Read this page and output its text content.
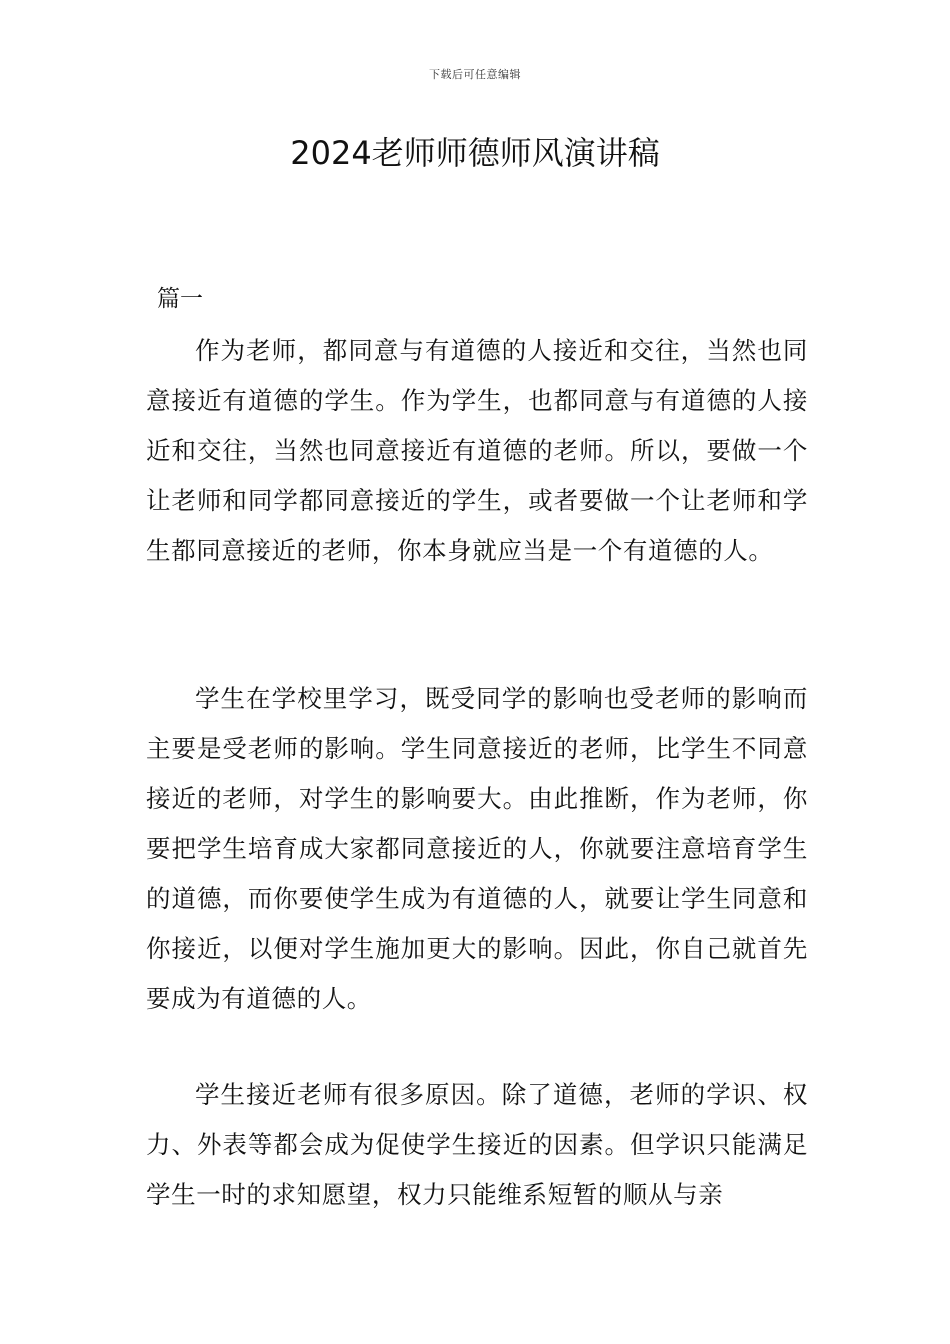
下载后可任意编辑
2024老师师德师风演讲稿

篇一

作为老师，都同意与有道德的人接近和交往，当然也同意接近有道德的学生。作为学生，也都同意与有道德的人接近和交往，当然也同意接近有道德的老师。所以，要做一个让老师和同学都同意接近的学生，或者要做一个让老师和学生都同意接近的老师，你本身就应当是一个有道德的人。

学生在学校里学习，既受同学的影响也受老师的影响而主要是受老师的影响。学生同意接近的老师，比学生不同意接近的老师，对学生的影响要大。由此推断，作为老师，你要把学生培育成大家都同意接近的人，你就要注意培育学生的道德，而你要使学生成为有道德的人，就要让学生同意和你接近，以便对学生施加更大的影响。因此，你自己就首先要成为有道德的人。

学生接近老师有很多原因。除了道德，老师的学识、权力、外表等都会成为促使学生接近的因素。但学识只能满足学生一时的求知愿望，权力只能维系短暂的顺从与亲
